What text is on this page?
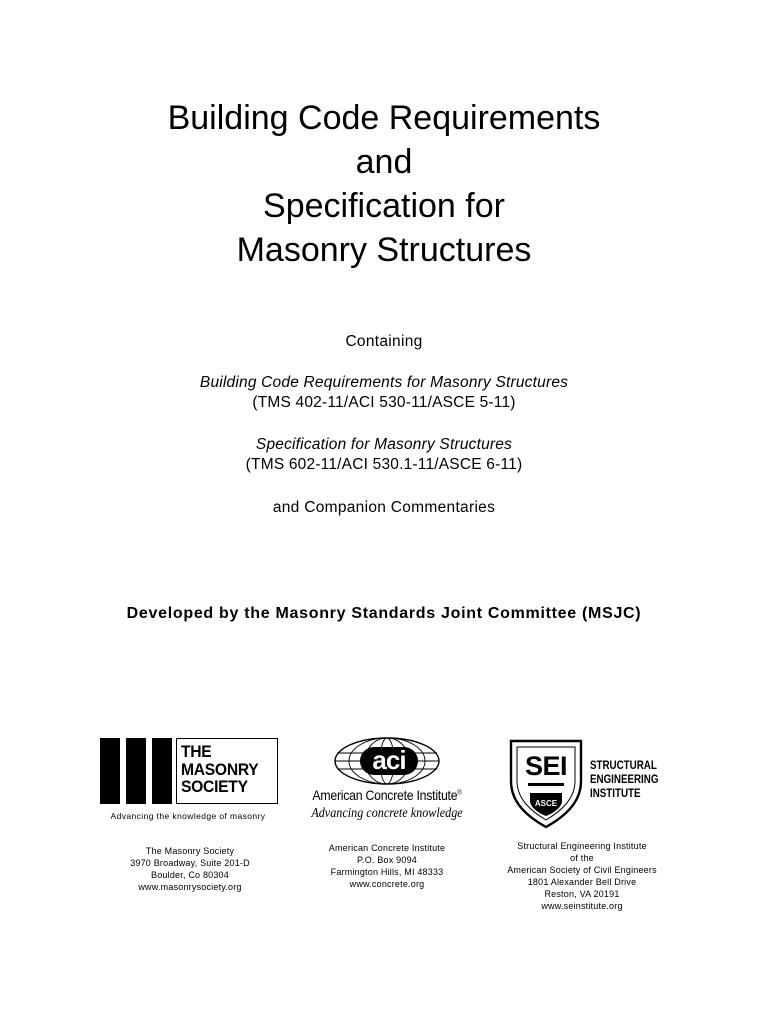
Building Code Requirements
and
Specification for
Masonry Structures
Containing
Building Code Requirements for Masonry Structures
(TMS 402-11/ACI 530-11/ASCE 5-11)
Specification for Masonry Structures
(TMS 602-11/ACI 530.1-11/ASCE 6-11)
and Companion Commentaries
Developed by the Masonry Standards Joint Committee (MSJC)
THE
MASONRY
SOCIETY
Advancing the knowledge of masonry
aci
American Concrete Institute®
Advancing concrete knowledge
SEI
ASCE
STRUCTURAL
ENGINEERING
INSTITUTE
The Masonry Society
3970 Broadway, Suite 201-D
Boulder, Co 80304
www.masonrysociety.org
American Concrete Institute
P.O. Box 9094
Farmington Hills, MI 48333
www.concrete.org
Structural Engineering Institute
of the
American Society of Civil Engineers
1801 Alexander Bell Drive
Reston, VA 20191
www.seinstitute.org
